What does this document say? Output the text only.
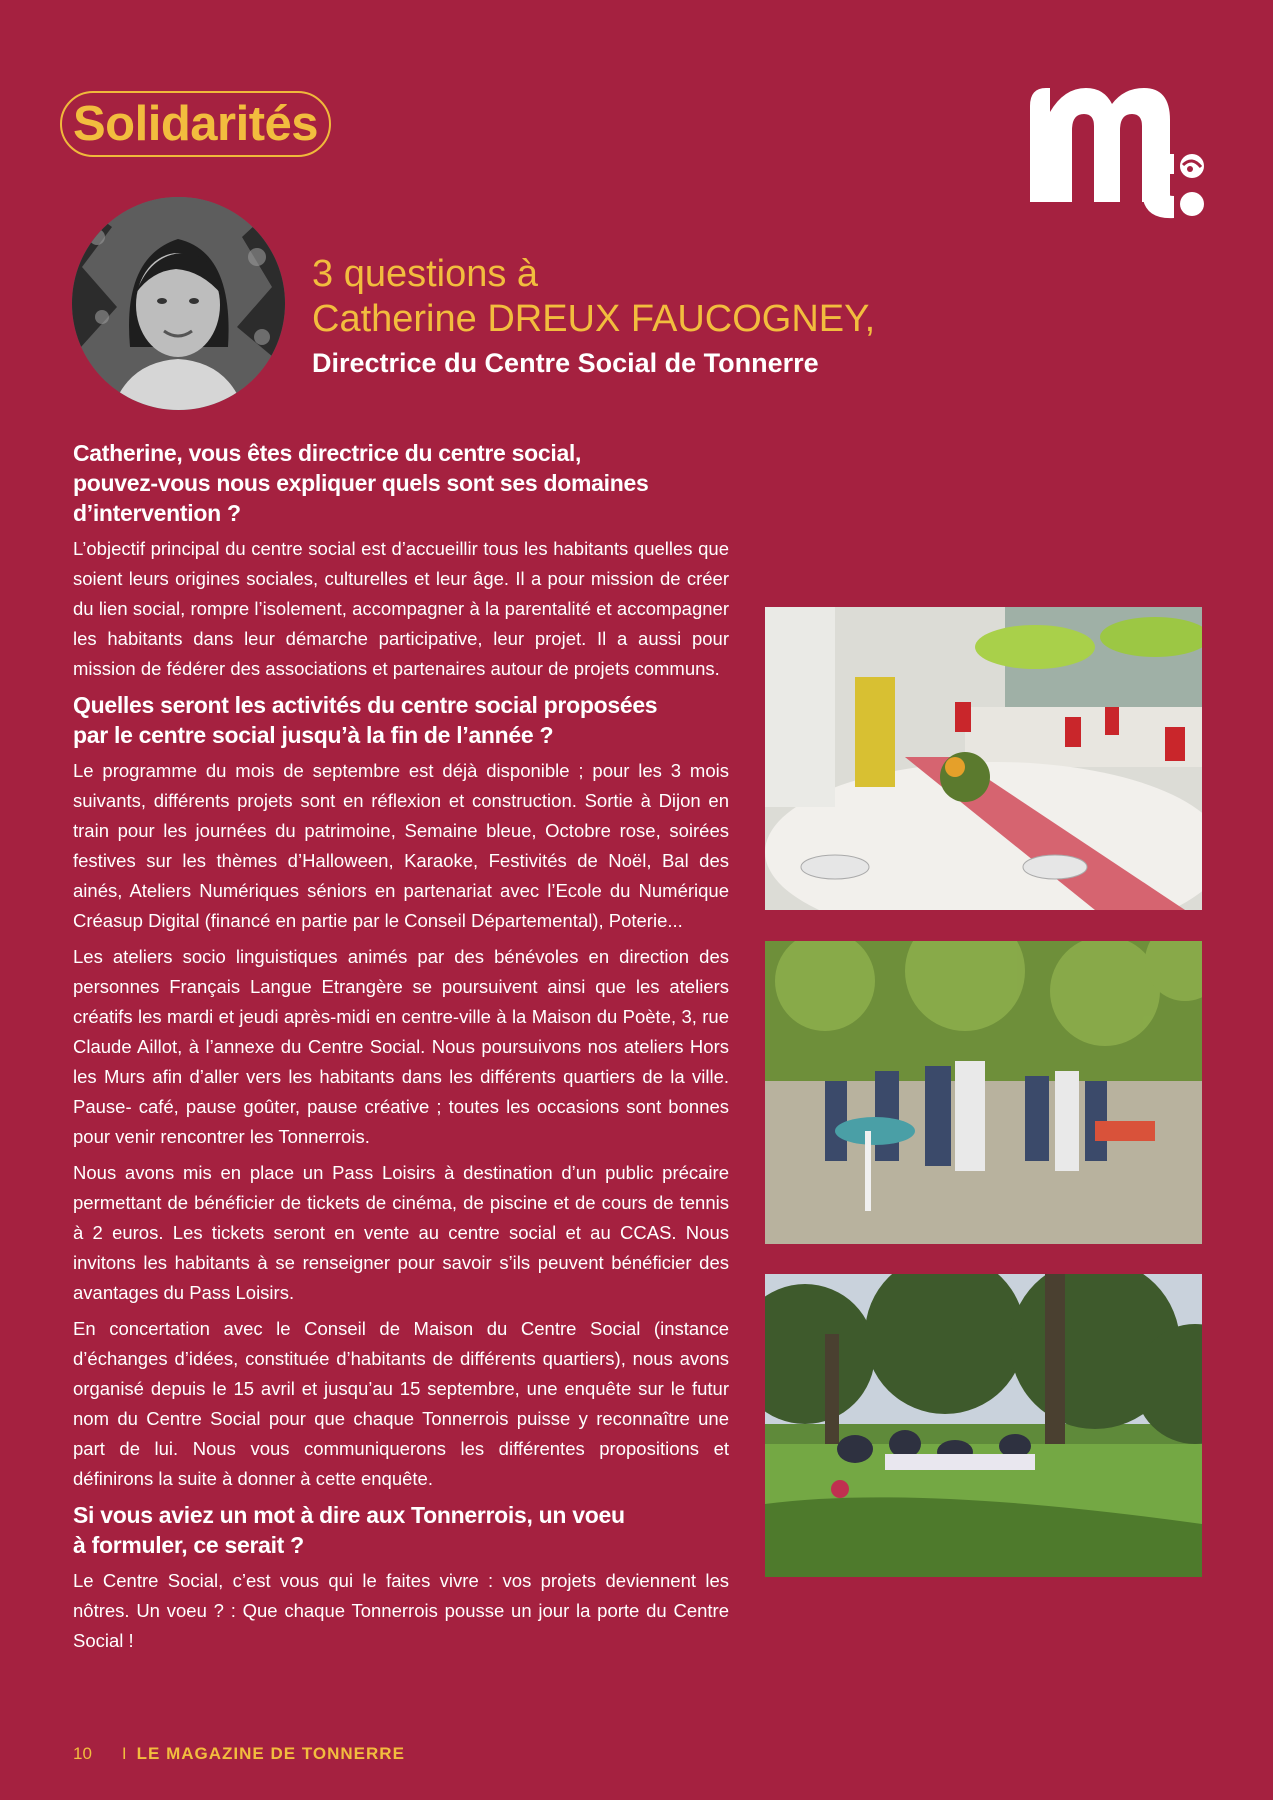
Solidarités
3 questions à
Catherine DREUX FAUCOGNEY,
Directrice du Centre Social de Tonnerre
Catherine, vous êtes directrice du centre social,
pouvez-vous nous expliquer quels sont ses domaines
d’intervention ?
L’objectif principal du centre social est d’accueillir tous les habitants quelles que soient leurs origines sociales, culturelles et leur âge. Il a pour mission de créer du lien social, rompre l’isolement, accompagner à la parentalité et accompagner les habitants dans leur démarche participative, leur projet. Il a aussi pour mission de fédérer des associations et partenaires autour de projets communs.
Quelles seront les activités du centre social proposées
par le centre social jusqu’à la fin de l’année ?
Le programme du mois de septembre est déjà disponible ; pour les 3 mois suivants, différents projets sont en réflexion et construction. Sortie à Dijon en train pour les journées du patrimoine, Semaine bleue, Octobre rose, soirées festives sur les thèmes d’Halloween, Karaoke, Festivités de Noël, Bal des ainés, Ateliers Numériques séniors en partenariat avec l’Ecole du Numérique Créasup Digital (financé en partie par le Conseil Départemental), Poterie...
Les ateliers socio linguistiques animés par des bénévoles en direction des personnes Français Langue Etrangère se poursuivent ainsi que les ateliers créatifs les mardi et jeudi après-midi en centre-ville à la Maison du Poète, 3, rue Claude Aillot, à l’annexe du Centre Social. Nous poursuivons nos ateliers Hors les Murs afin d’aller vers les habitants dans les différents quartiers de la ville. Pause- café, pause goûter, pause créative ; toutes les occasions sont bonnes pour venir rencontrer les Tonnerrois.
Nous avons mis en place un Pass Loisirs à destination d’un public précaire permettant de bénéficier de tickets de cinéma, de piscine et de cours de tennis à 2 euros. Les tickets seront en vente au centre social et au CCAS. Nous invitons les habitants à se renseigner pour savoir s’ils peuvent bénéficier des avantages du Pass Loisirs.
En concertation avec le Conseil de Maison du Centre Social (instance d’échanges d’idées, constituée d’habitants de différents quartiers), nous avons organisé depuis le 15 avril et jusqu’au 15 septembre, une enquête sur le futur nom du Centre Social pour que chaque Tonnerrois puisse y reconnaître une part de lui. Nous vous communiquerons les différentes propositions et définirons la suite à donner à cette enquête.
Si vous aviez un mot à dire aux Tonnerrois, un voeu
à formuler, ce serait ?
Le Centre Social, c’est vous qui le faites vivre : vos projets deviennent les nôtres. Un voeu ? : Que chaque Tonnerrois pousse un jour la porte du Centre Social !
10 I LE MAGAZINE DE TONNERRE
